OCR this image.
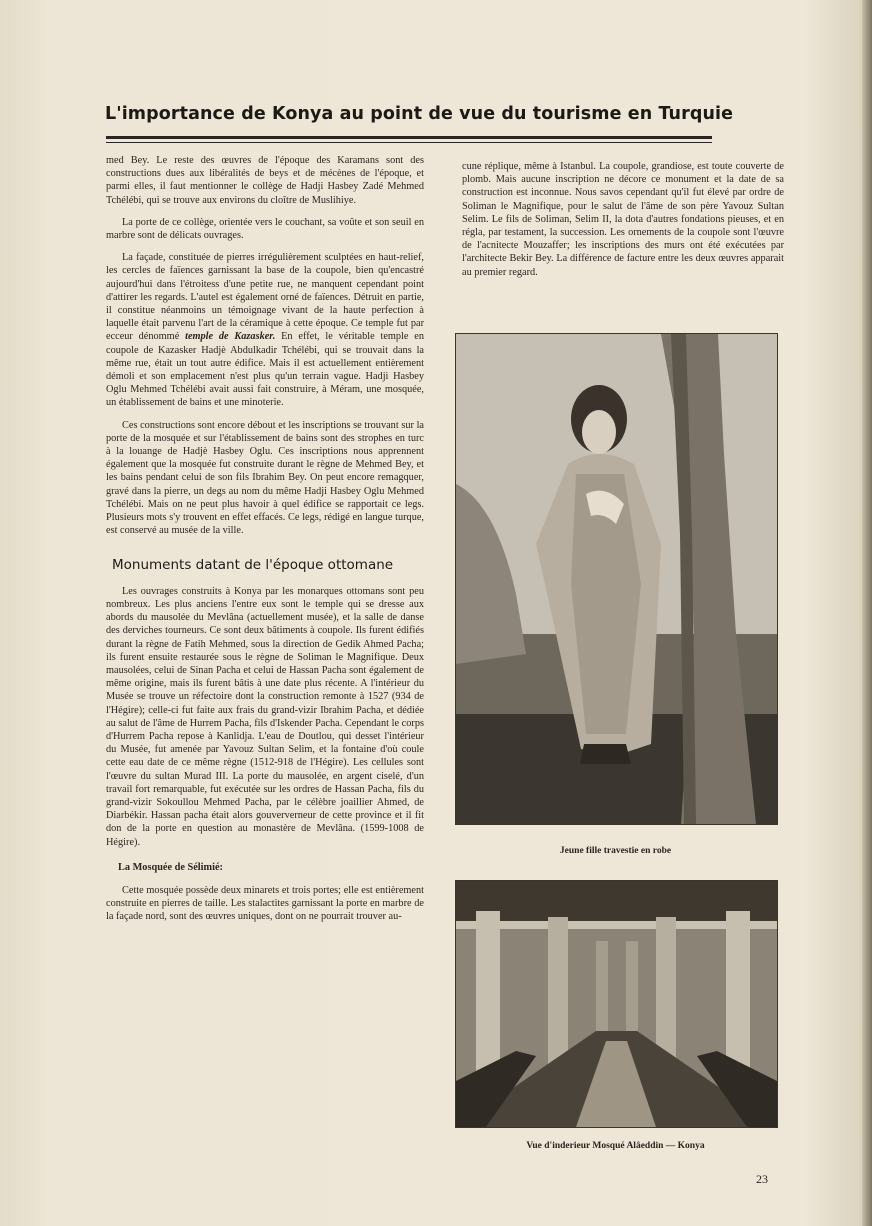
L'importance de Konya au point de vue du tourisme en Turquie

med Bey. Le reste des œuvres de l'époque des Karamans sont des constructions dues aux libéralités de beys et de mécènes de l'époque, et parmi elles, il faut mentionner le collège de Hadji Hasbey Zadé Mehmed Tchélébi, qui se trouve aux environs du cloître de Muslihiye.

La porte de ce collège, orientée vers le couchant, sa voûte et son seuil en marbre sont de délicats ouvrages.

La façade, constituée de pierres irrégulièrement sculptées en haut-relief, les cercles de faïences garnissant la base de la coupole, bien qu'encastré aujourd'hui dans l'étroitess d'une petite rue, ne manquent cependant point d'attirer les regards. L'autel est également orné de faïences. Détruit en partie, il constitue néanmoins un témoignage vivant de la haute perfection à laquelle était parvenu l'art de la céramique à cette époque. Ce temple fut par ecceur dénommé temple de Kazasker. En effet, le véritable temple en coupole de Kazasker Hadjè Abdulkadir Tchélébi, qui se trouvait dans la même rue, était un tout autre édifice. Mais il est actuellement entièrement démoli et son emplacement n'est plus qu'un terrain vague. Hadji Hasbey Oglu Mehmed Tchélébi avait aussi fait construire, à Méram, une mosquée, un établissement de bains et une minoterie.

Ces constructions sont encore débout et les inscriptions se trouvant sur la porte de la mosquée et sur l'établissement de bains sont des strophes en turc à la louange de Hadjè Hasbey Oglu. Ces inscriptions nous apprennent également que la mosquée fut construite durant le règne de Mehmed Bey, et les bains pendant celui de son fils Ibrahim Bey. On peut encore remagquer, gravé dans la pierre, un degs au nom du même Hadji Hasbey Oglu Mehmed Tchélébi. Mais on ne peut plus havoir à quel édifice se rapportait ce legs. Plusieurs mots s'y trouvent en effet effacés. Ce legs, rédigé en langue turque, est conservé au musée de la ville.

Monuments datant de l'époque ottomane

Les ouvrages construits à Konya par les monarques ottomans sont peu nombreux. Les plus anciens l'entre eux sont le temple qui se dresse aux abords du mausolée du Mevlâna (actuellement musée), et la salle de danse des derviches tourneurs. Ce sont deux bâtiments à coupole. Ils furent édifiés durant la règne de Fatih Mehmed, sous la direction de Gedik Ahmed Pacha; ils furent ensuite restaurée sous le règne de Soliman le Magnifique. Deux mausolées, celui de Sinan Pacha et celui de Hassan Pacha sont également de même origine, mais ils furent bâtis à une date plus récente. A l'intérieur du Musée se trouve un réfectoire dont la construction remonte à 1527 (934 de l'Hégire); celle-ci fut faite aux frais du grand-vizir Ibrahim Pacha, et dédiée au salut de l'âme de Hurrem Pacha, fils d'Iskender Pacha. Cependant le corps d'Hurrem Pacha repose à Kanlidja. L'eau de Doutlou, qui desset l'intérieur du Musée, fut amenée par Yavouz Sultan Selim, et la fontaine d'où coule cette eau date de ce même règne (1512-918 de l'Hégire). Les cellules sont l'œuvre du sultan Murad III. La porte du mausolée, en argent ciselé, d'un travail fort remarquable, fut exécutée sur les ordres de Hassan Pacha, fils du grand-vizir Sokoullou Mehmed Pacha, par le célèbre joaillier Ahmed, de Diarbékir. Hassan pacha était alors gouververneur de cette province et il fit don de la porte en question au monastère de Mevlâna. (1599-1008 de Hégire).

La Mosquée de Sélimié:

Cette mosquée possède deux minarets et trois portes; elle est entièrement construite en pierres de taille. Les stalactites garnissant la porte en marbre de la façade nord, sont des œuvres uniques, dont on ne pourrait trouver au-

cune réplique, même à Istanbul. La coupole, grandiose, est toute couverte de plomb. Mais aucune inscription ne décore ce monument et la date de sa construction est inconnue. Nous savos cependant qu'il fut élevé par ordre de Soliman le Magnifique, pour le salut de l'âme de son père Yavouz Sultan Selim. Le fils de Soliman, Selim II, la dota d'autres fondations pieuses, et en régla, par testament, la succession. Les ornements de la coupole sont l'œuvre de l'acnitecte Mouzaffer; les inscriptions des murs ont été exécutées par l'architecte Bekir Bey. La différence de facture entre les deux œuvres apparait au premier regard.

Jeune fille travestie en robe
Vue d'inderieur Mosqué Alâeddin — Konya
23
